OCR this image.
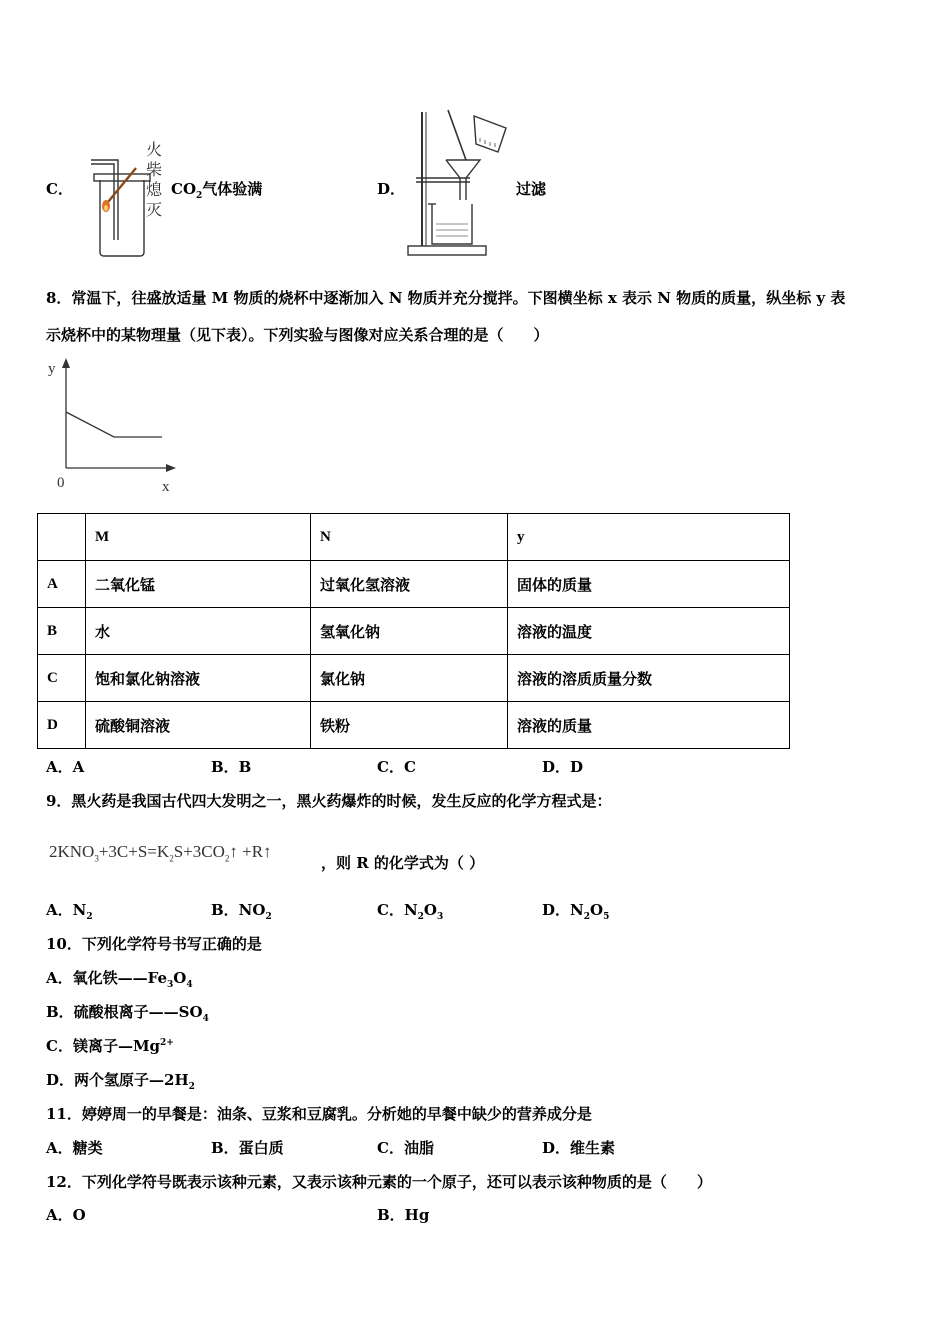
C．
火柴熄灭
$CO_2$气体验满	D．	过滤
8．常温下，往盛放适量 M 物质的烧杯中逐渐加入 N 物质并充分搅拌。下图横坐标 x 表示 N 物质的质量，纵坐标 y 表
示烧杯中的某物理量（见下表）。下列实验与图像对应关系合理的是（　　）
y
0	x
	M	N	y
A	二氧化锰	过氧化氢溶液	固体的质量
B	水	氢氧化钠	溶液的温度
C	饱和氯化钠溶液	氯化钠	溶液的溶质质量分数
D	硫酸铜溶液	铁粉	溶液的质量
A．A	B．B	C．C	D．D
9．黑火药是我国古代四大发明之一，黑火药爆炸的时候，发生反应的化学方程式是：
$2KNO_3+3C+S=K_2S+3CO_2↑$ +R↑
，则 R 的化学式为（ ）
A．$N_2$	B．$NO_2$	C．$N_2O_3$	D．$N_2O_5$
10．下列化学符号书写正确的是
A．氧化铁$——Fe_3O_4$
B．硫酸根离子$——SO_4$
C．镁离子$—Mg^{2+}$
D．两个氢原子$—2H_2$
11．婷婷周一的早餐是：油条、豆浆和豆腐乳。分析她的早餐中缺少的营养成分是
A．糖类	B．蛋白质	C．油脂	D．维生素
12．下列化学符号既表示该种元素，又表示该种元素的一个原子，还可以表示该种物质的是（　　）
A．O	B．Hg
